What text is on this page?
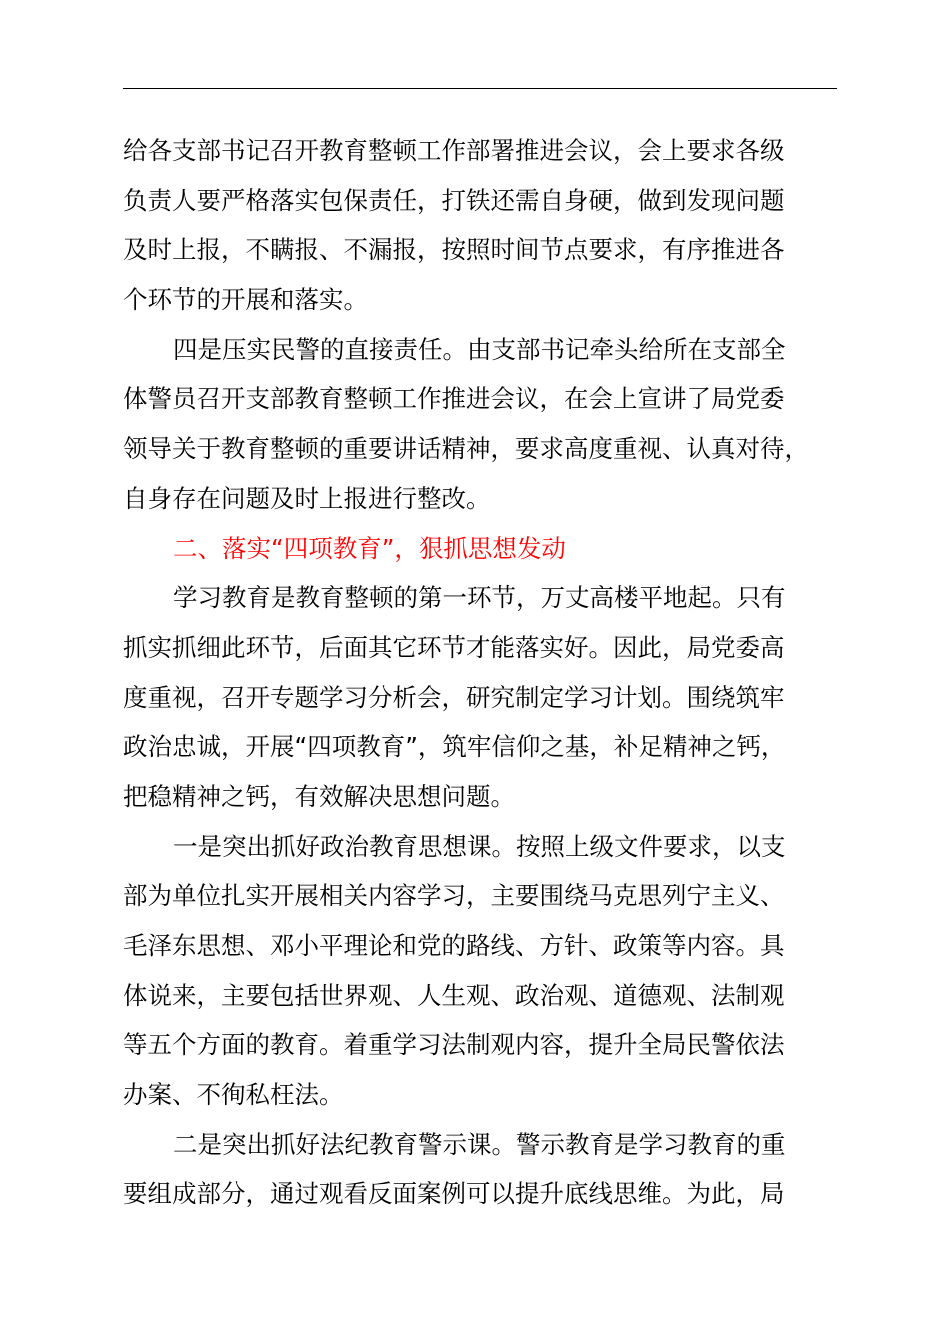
给各支部书记召开教育整顿工作部署推进会议，会上要求各级
负责人要严格落实包保责任，打铁还需自身硬，做到发现问题
及时上报，不瞒报、不漏报，按照时间节点要求，有序推进各
个环节的开展和落实。
四是压实民警的直接责任。由支部书记牵头给所在支部全
体警员召开支部教育整顿工作推进会议，在会上宣讲了局党委
领导关于教育整顿的重要讲话精神，要求高度重视、认真对待，
自身存在问题及时上报进行整改。
二、落实“四项教育”，狠抓思想发动
学习教育是教育整顿的第一环节，万丈高楼平地起。只有
抓实抓细此环节，后面其它环节才能落实好。因此，局党委高
度重视，召开专题学习分析会，研究制定学习计划。围绕筑牢
政治忠诚，开展“四项教育”，筑牢信仰之基，补足精神之钙，
把稳精神之钙，有效解决思想问题。
一是突出抓好政治教育思想课。按照上级文件要求，以支
部为单位扎实开展相关内容学习，主要围绕马克思列宁主义、
毛泽东思想、邓小平理论和党的路线、方针、政策等内容。具
体说来，主要包括世界观、人生观、政治观、道德观、法制观
等五个方面的教育。着重学习法制观内容，提升全局民警依法
办案、不徇私枉法。
二是突出抓好法纪教育警示课。警示教育是学习教育的重
要组成部分，通过观看反面案例可以提升底线思维。为此，局
